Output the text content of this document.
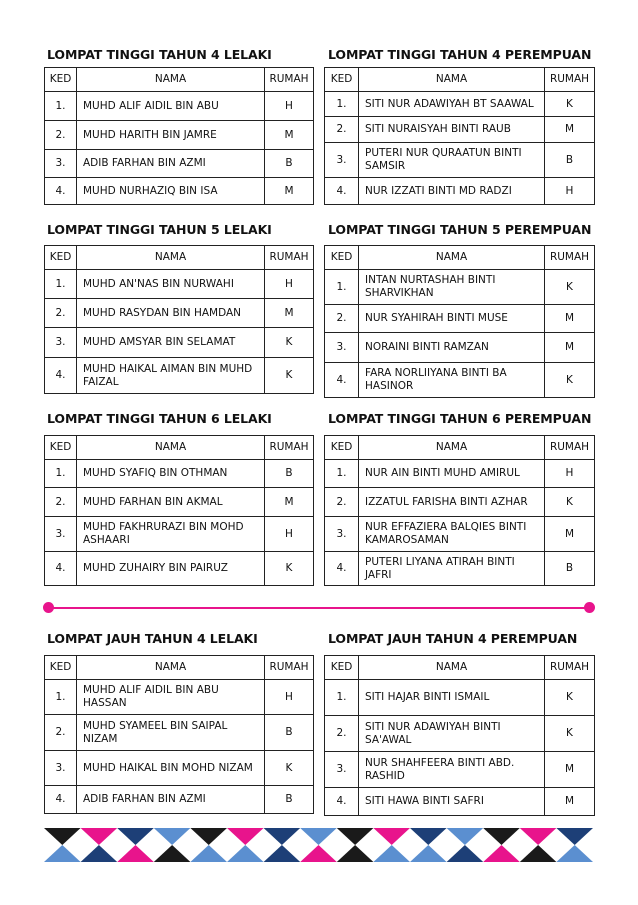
LOMPAT TINGGI TAHUN 4 LELAKI
KED	NAMA	RUMAH
1.	MUHD ALIF AIDIL BIN ABU	H
2.	MUHD HARITH BIN JAMRE	M
3.	ADIB FARHAN BIN AZMI	B
4.	MUHD NURHAZIQ BIN ISA	M
LOMPAT TINGGI TAHUN 4 PEREMPUAN
KED	NAMA	RUMAH
1.	SITI NUR ADAWIYAH BT SAAWAL	K
2.	SITI NURAISYAH BINTI RAUB	M
3.	PUTERI NUR QURAATUN BINTI SAMSIR	B
4.	NUR IZZATI BINTI MD RADZI	H
LOMPAT TINGGI TAHUN 5 LELAKI
KED	NAMA	RUMAH
1.	MUHD AN'NAS BIN NURWAHI	H
2.	MUHD RASYDAN BIN HAMDAN	M
3.	MUHD AMSYAR BIN SELAMAT	K
4.	MUHD HAIKAL AIMAN BIN MUHD FAIZAL	K
LOMPAT TINGGI TAHUN 5 PEREMPUAN
KED	NAMA	RUMAH
1.	INTAN NURTASHAH BINTI SHARVIKHAN	K
2.	NUR SYAHIRAH BINTI MUSE	M
3.	NORAINI BINTI RAMZAN	M
4.	FARA NORLIIYANA BINTI BA HASINOR	K
LOMPAT TINGGI TAHUN 6 LELAKI
KED	NAMA	RUMAH
1.	MUHD SYAFIQ BIN OTHMAN	B
2.	MUHD FARHAN BIN AKMAL	M
3.	MUHD FAKHRURAZI BIN MOHD ASHAARI	H
4.	MUHD ZUHAIRY BIN PAIRUZ	K
LOMPAT TINGGI TAHUN 6 PEREMPUAN
KED	NAMA	RUMAH
1.	NUR AIN BINTI MUHD AMIRUL	H
2.	IZZATUL FARISHA BINTI AZHAR	K
3.	NUR EFFAZIERA BALQIES BINTI KAMAROSAMAN	M
4.	PUTERI LIYANA ATIRAH BINTI JAFRI	B
LOMPAT JAUH TAHUN 4 LELAKI
KED	NAMA	RUMAH
1.	MUHD ALIF AIDIL BIN ABU HASSAN	H
2.	MUHD SYAMEEL BIN SAIPAL NIZAM	B
3.	MUHD HAIKAL BIN MOHD NIZAM	K
4.	ADIB FARHAN BIN AZMI	B
LOMPAT JAUH TAHUN 4 PEREMPUAN
KED	NAMA	RUMAH
1.	SITI HAJAR BINTI ISMAIL	K
2.	SITI NUR ADAWIYAH BINTI SA'AWAL	K
3.	NUR SHAHFEERA BINTI ABD. RASHID	M
4.	SITI HAWA BINTI SAFRI	M
